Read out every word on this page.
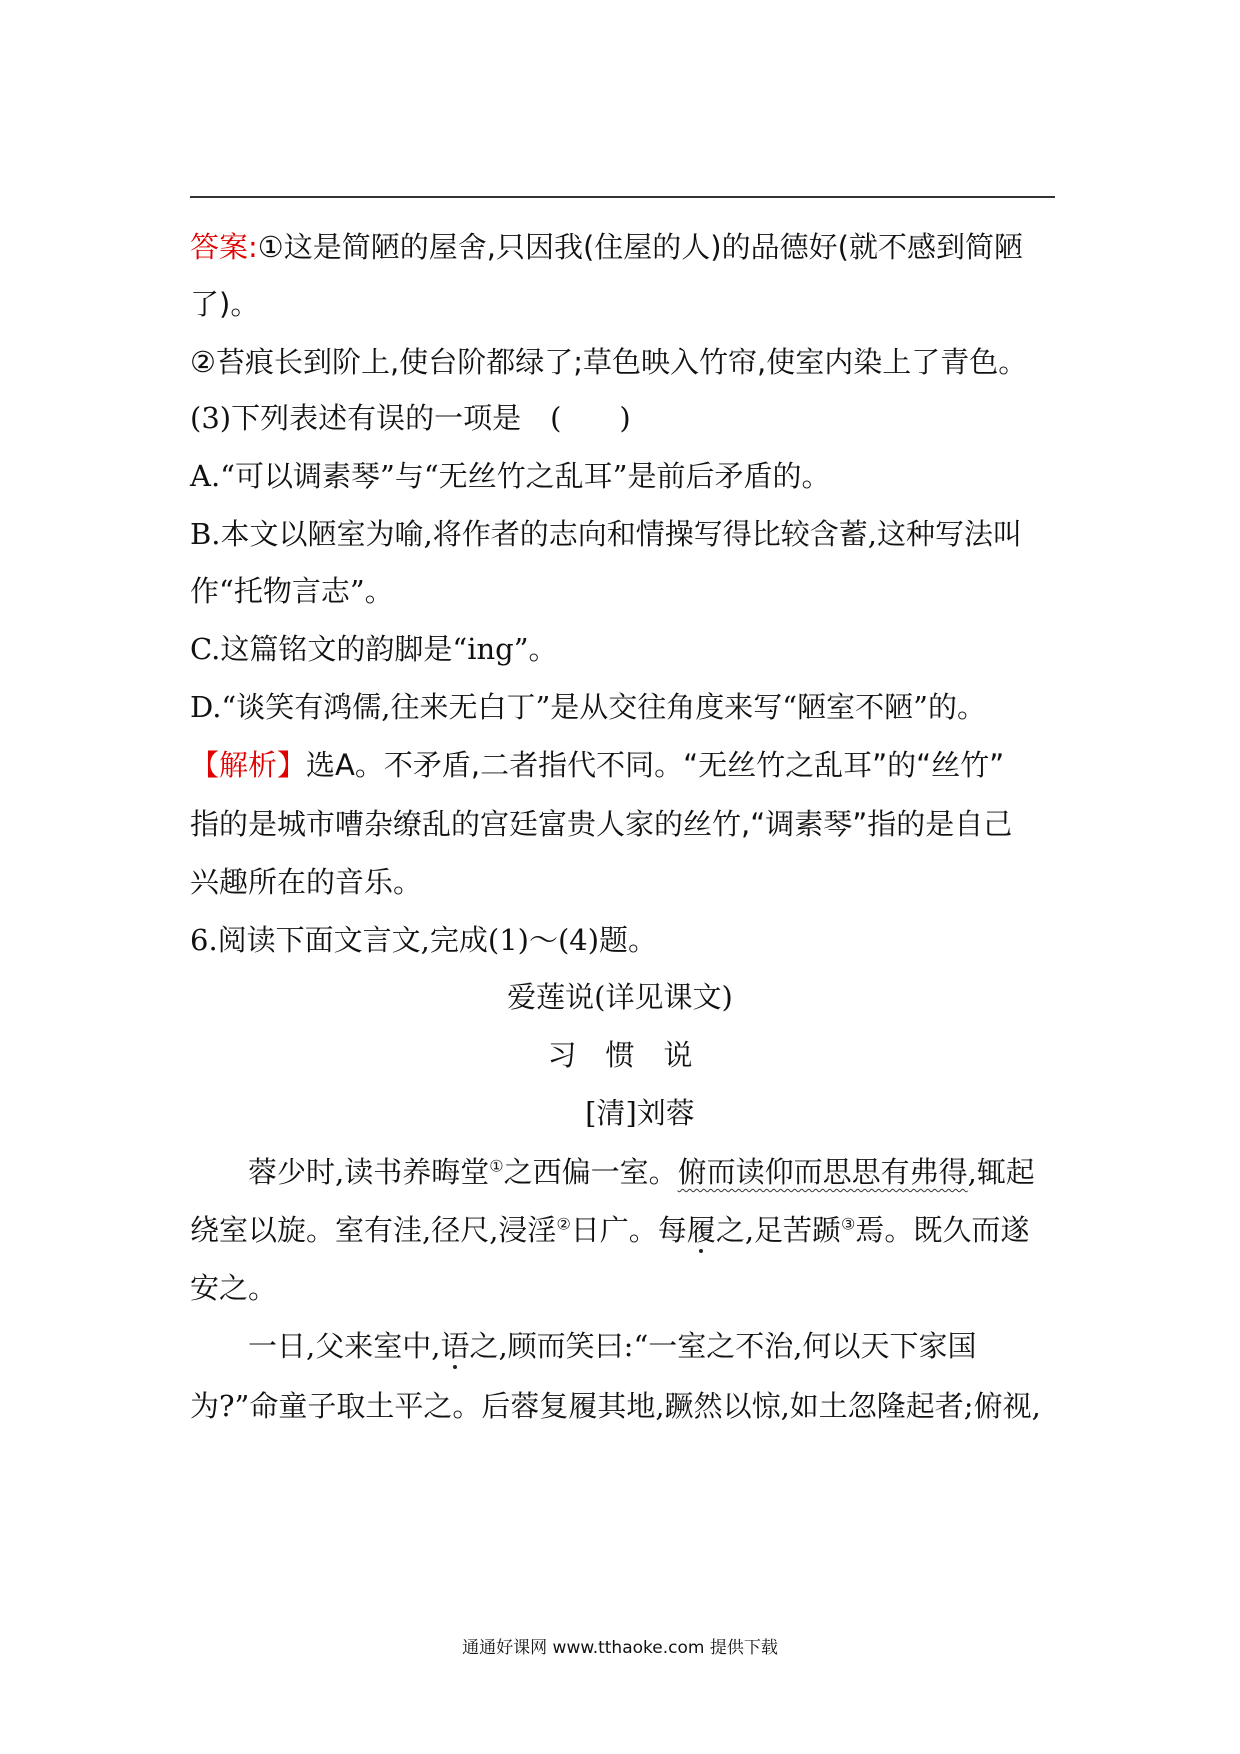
答案:①这是简陋的屋舍,只因我(住屋的人)的品德好(就不感到简陋
了)。
②苔痕长到阶上,使台阶都绿了;草色映入竹帘,使室内染上了青色。
(3)下列表述有误的一项是　(　　)
A.“可以调素琴”与“无丝竹之乱耳”是前后矛盾的。
B.本文以陋室为喻,将作者的志向和情操写得比较含蓄,这种写法叫
作“托物言志”。
C.这篇铭文的韵脚是“ing”。
D.“谈笑有鸿儒,往来无白丁”是从交往角度来写“陋室不陋”的。
【解析】选A。不矛盾,二者指代不同。“无丝竹之乱耳”的“丝竹”
指的是城市嘈杂缭乱的宫廷富贵人家的丝竹,“调素琴”指的是自己
兴趣所在的音乐。
6.阅读下面文言文,完成(1)～(4)题。
爱莲说(详见课文)
习　惯　说
[清]刘蓉
蓉少时,读书养晦堂①之西偏一室。俯而读仰而思思有弗得,辄起
绕室以旋。室有洼,径尺,浸淫②日广。每履之,足苦踬③焉。既久而遂
安之。
一日,父来室中,语之,顾而笑曰:“一室之不治,何以天下家国
为?”命童子取土平之。后蓉复履其地,蹶然以惊,如土忽隆起者;俯视,
通通好课网 www.tthaoke.com 提供下载
